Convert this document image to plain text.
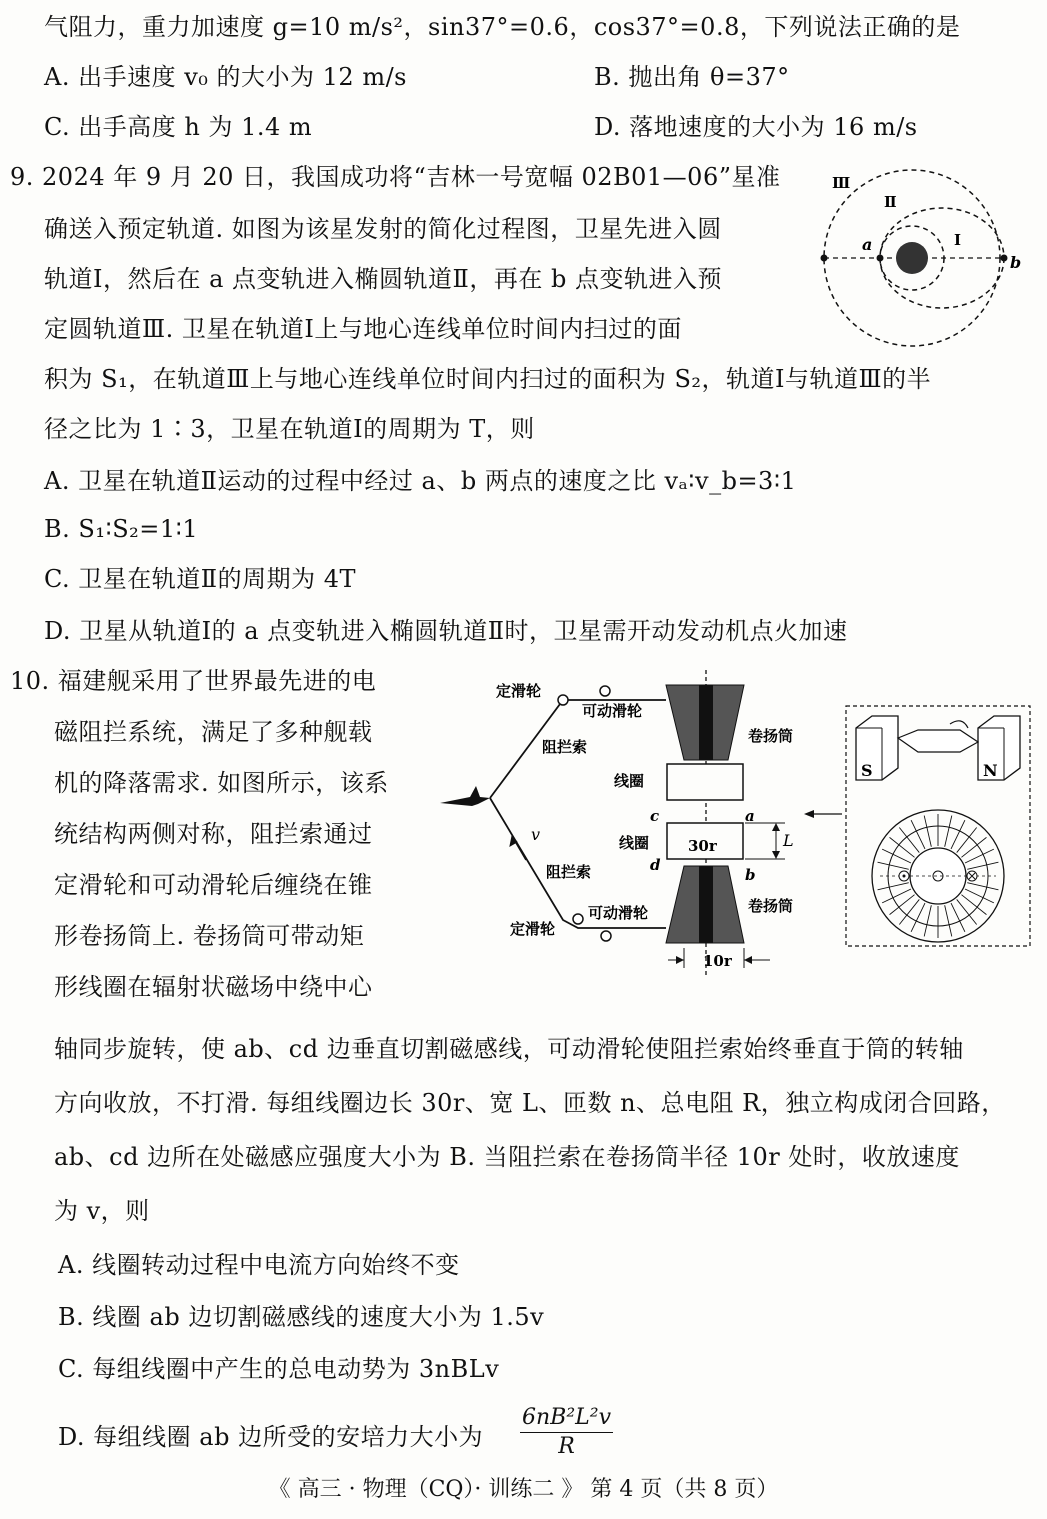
气阻力，重力加速度 g=10 m/s²，sin37°=0.6，cos37°=0.8，下列说法正确的是
A. 出手速度 v₀ 的大小为 12 m/s	B. 抛出角 θ=37°
C. 出手高度 h 为 1.4 m	D. 落地速度的大小为 16 m/s
9. 2024 年 9 月 20 日，我国成功将“吉林一号宽幅 02B01—06”星准
确送入预定轨道. 如图为该星发射的简化过程图，卫星先进入圆
轨道Ⅰ，然后在 a 点变轨进入椭圆轨道Ⅱ，再在 b 点变轨进入预
定圆轨道Ⅲ. 卫星在轨道Ⅰ上与地心连线单位时间内扫过的面
积为 S₁，在轨道Ⅲ上与地心连线单位时间内扫过的面积为 S₂，轨道Ⅰ与轨道Ⅲ的半
径之比为 1∶3，卫星在轨道Ⅰ的周期为 T，则
A. 卫星在轨道Ⅱ运动的过程中经过 a、b 两点的速度之比 vₐ∶v_b=3∶1
B. S₁∶S₂=1∶1
C. 卫星在轨道Ⅱ的周期为 4T
D. 卫星从轨道Ⅰ的 a 点变轨进入椭圆轨道Ⅱ时，卫星需开动发动机点火加速
Ⅲ
Ⅱ
Ⅰ
a
b
10. 福建舰采用了世界最先进的电
磁阻拦系统，满足了多种舰载
机的降落需求. 如图所示，该系
统结构两侧对称，阻拦索通过
定滑轮和可动滑轮后缠绕在锥
形卷扬筒上. 卷扬筒可带动矩
形线圈在辐射状磁场中绕中心
轴同步旋转，使 ab、cd 边垂直切割磁感线，可动滑轮使阻拦索始终垂直于筒的转轴
方向收放，不打滑. 每组线圈边长 30r、宽 L、匝数 n、总电阻 R，独立构成闭合回路，
ab、cd 边所在处磁感应强度大小为 B. 当阻拦索在卷扬筒半径 10r 处时，收放速度
为 v，则
A. 线圈转动过程中电流方向始终不变
B. 线圈 ab 边切割磁感线的速度大小为 1.5v
C. 每组线圈中产生的总电动势为 3nBLv
D. 每组线圈 ab 边所受的安培力大小为 $\frac{\text{6nB²L²v}}{R}$
S	N
定滑轮
可动滑轮
卷扬筒
阻拦索
线圈
线圈
阻拦索
定滑轮
可动滑轮	卷扬筒
v
c
d
a
b
30r	L
10r
《 高三 · 物理（CQ）· 训练二 》 第 4 页（共 8 页）
